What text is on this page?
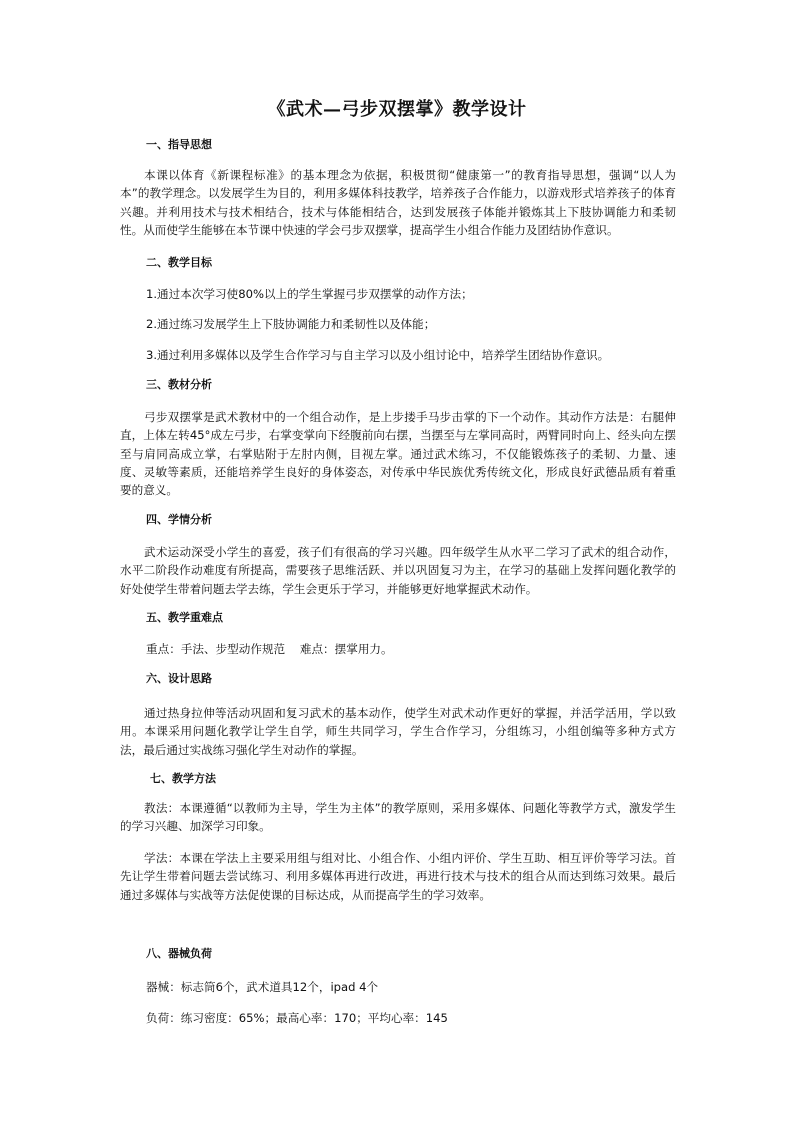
《武术—弓步双摆掌》教学设计
一、指导思想
本课以体育《新课程标准》的基本理念为依据，积极贯彻“健康第一”的教育指导思想，强调“以人为本”的教学理念。以发展学生为目的，利用多媒体科技教学，培养孩子合作能力，以游戏形式培养孩子的体育兴趣。并利用技术与技术相结合，技术与体能相结合，达到发展孩子体能并锻炼其上下肢协调能力和柔韧性。从而使学生能够在本节课中快速的学会弓步双摆掌，提高学生小组合作能力及团结协作意识。
二、教学目标
1.通过本次学习使80%以上的学生掌握弓步双摆掌的动作方法；
2.通过练习发展学生上下肢协调能力和柔韧性以及体能；
3.通过利用多媒体以及学生合作学习与自主学习以及小组讨论中，培养学生团结协作意识。
三、教材分析
弓步双摆掌是武术教材中的一个组合动作，是上步搂手马步击掌的下一个动作。其动作方法是：右腿伸直，上体左转45°成左弓步，右掌变掌向下经腹前向右摆，当摆至与左掌同高时，两臂同时向上、经头向左摆至与肩同高成立掌，右掌贴附于左肘内侧，目视左掌。通过武术练习，不仅能锻炼孩子的柔韧、力量、速度、灵敏等素质，还能培养学生良好的身体姿态，对传承中华民族优秀传统文化，形成良好武德品质有着重要的意义。
四、学情分析
武术运动深受小学生的喜爱，孩子们有很高的学习兴趣。四年级学生从水平二学习了武术的组合动作，水平二阶段作动难度有所提高，需要孩子思维活跃、并以巩固复习为主，在学习的基础上发挥问题化教学的好处使学生带着问题去学去练，学生会更乐于学习，并能够更好地掌握武术动作。
五、教学重难点
重点：手法、步型动作规范    难点：摆掌用力。
六、设计思路
通过热身拉伸等活动巩固和复习武术的基本动作，使学生对武术动作更好的掌握，并活学活用，学以致用。本课采用问题化教学让学生自学，师生共同学习，学生合作学习，分组练习，小组创编等多种方式方法，最后通过实战练习强化学生对动作的掌握。
七、教学方法
教法：本课遵循“以教师为主导，学生为主体”的教学原则，采用多媒体、问题化等教学方式，激发学生的学习兴趣、加深学习印象。
学法：本课在学法上主要采用组与组对比、小组合作、小组内评价、学生互助、相互评价等学习法。首先让学生带着问题去尝试练习、利用多媒体再进行改进，再进行技术与技术的组合从而达到练习效果。最后通过多媒体与实战等方法促使课的目标达成，从而提高学生的学习效率。
八、器械负荷
器械：标志筒6个，武术道具12个，ipad 4个
负荷：练习密度：65%；最高心率：170；平均心率：145
